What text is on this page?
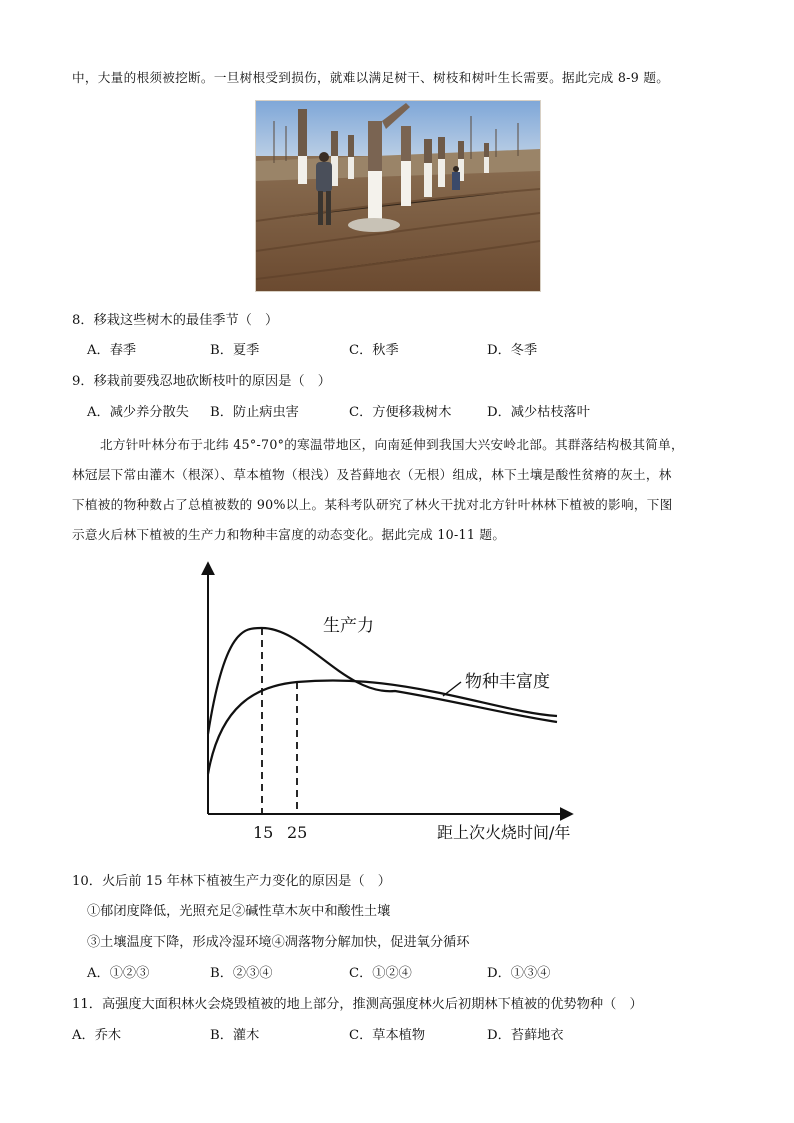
中，大量的根须被挖断。一旦树根受到损伤，就难以满足树干、树枝和树叶生长需要。据此完成 8-9 题。
8．移栽这些树木的最佳季节（　）
A．春季	B．夏季	C．秋季	D．冬季
9．移栽前要残忍地砍断枝叶的原因是（　）
A．减少养分散失 B．防止病虫害	C．方便移栽树木	D．减少枯枝落叶
北方针叶林分布于北纬 45°-70°的寒温带地区，向南延伸到我国大兴安岭北部。其群落结构极其简单，
林冠层下常由灌木（根深）、草本植物（根浅）及苔藓地衣（无根）组成，林下土壤是酸性贫瘠的灰土，林
下植被的物种数占了总植被数的 90%以上。某科考队研究了林火干扰对北方针叶林林下植被的影响，下图
示意火后林下植被的生产力和物种丰富度的动态变化。据此完成 10-11 题。
生产力
物种丰富度
15 25	距上次火烧时间/年
10．火后前 15 年林下植被生产力变化的原因是（　）
①郁闭度降低，光照充足②碱性草木灰中和酸性土壤
③土壤温度下降，形成冷湿环境④凋落物分解加快，促进氧分循环
A．①②③	B．②③④	C．①②④	D．①③④
11．高强度大面积林火会烧毁植被的地上部分，推测高强度林火后初期林下植被的优势物种（　）
A．乔木	B．灌木	C．草本植物	D．苔藓地衣
